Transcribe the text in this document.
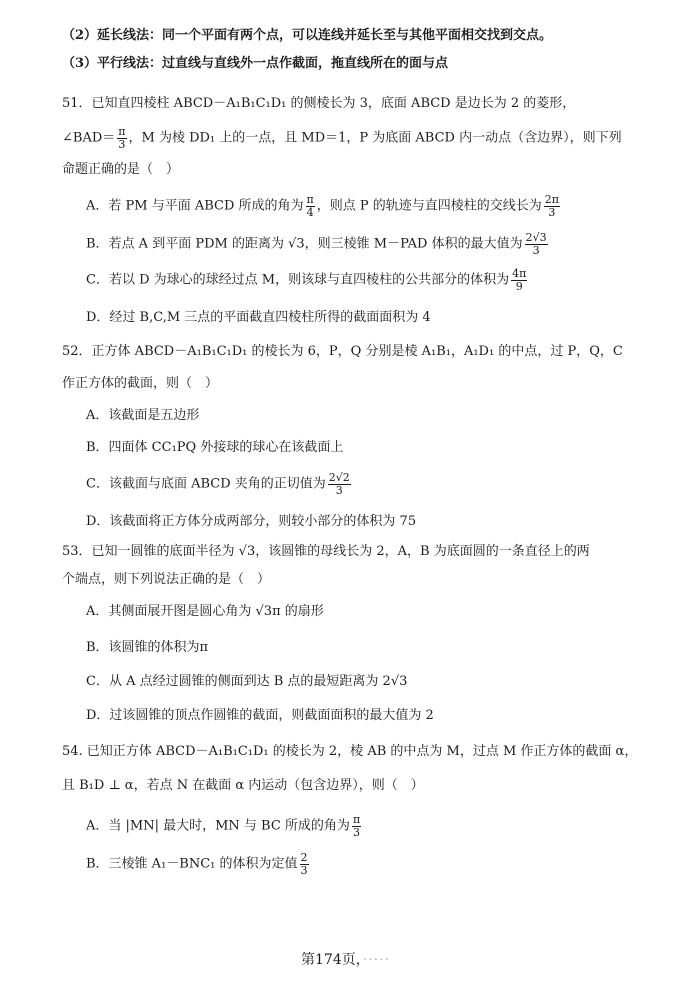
（2）延长线法：同一个平面有两个点，可以连线并延长至与其他平面相交找到交点。
（3）平行线法：过直线与直线外一点作截面，拖直线所在的面与点
51．已知直四棱柱 ABCD－A₁B₁C₁D₁ 的侧棱长为 3，底面 ABCD 是边长为 2 的菱形，
∠BAD＝ $\frac{\pi}{3}$ ，M 为棱 DD₁ 上的一点，且 MD＝1，P 为底面 ABCD 内一动点（含边界），则下列
命题正确的是（　）
A．若 PM 与平面 ABCD 所成的角为 $\frac{\pi}{4}$ ，则点 P 的轨迹与直四棱柱的交线长为 $\frac{2\pi}{3}$
B．若点 A 到平面 PDM 的距离为 √3，则三棱锥 M－PAD 体积的最大值为 $\frac{2√3}{3}$
C．若以 D 为球心的球经过点 M，则该球与直四棱柱的公共部分的体积为 $\frac{4\pi}{9}$
D．经过 B,C,M 三点的平面截直四棱柱所得的截面面积为 4
52．正方体 ABCD－A₁B₁C₁D₁ 的棱长为 6，P，Q 分别是棱 A₁B₁，A₁D₁ 的中点，过 P，Q，C
作正方体的截面，则（　）
A．该截面是五边形
B．四面体 CC₁PQ 外接球的球心在该截面上
C．该截面与底面 ABCD 夹角的正切值为 $\frac{2√2}{3}$
D．该截面将正方体分成两部分，则较小部分的体积为 75
53．已知一圆锥的底面半径为 √3，该圆锥的母线长为 2，A，B 为底面圆的一条直径上的两
个端点，则下列说法正确的是（　）
A．其侧面展开图是圆心角为 √3π 的扇形
B．该圆锥的体积为π
C．从 A 点经过圆锥的侧面到达 B 点的最短距离为 2√3
D．过该圆锥的顶点作圆锥的截面，则截面面积的最大值为 2
54. 已知正方体 ABCD－A₁B₁C₁D₁ 的棱长为 2，棱 AB 的中点为 M，过点 M 作正方体的截面 α，
且 B₁D ⊥ α，若点 N 在截面 α 内运动（包含边界），则（　）
A．当 |MN| 最大时，MN 与 BC 所成的角为 $\frac{\pi}{3}$
B．三棱锥 A₁－BNC₁ 的体积为定值 $\frac{2}{3}$
第174页，·····
